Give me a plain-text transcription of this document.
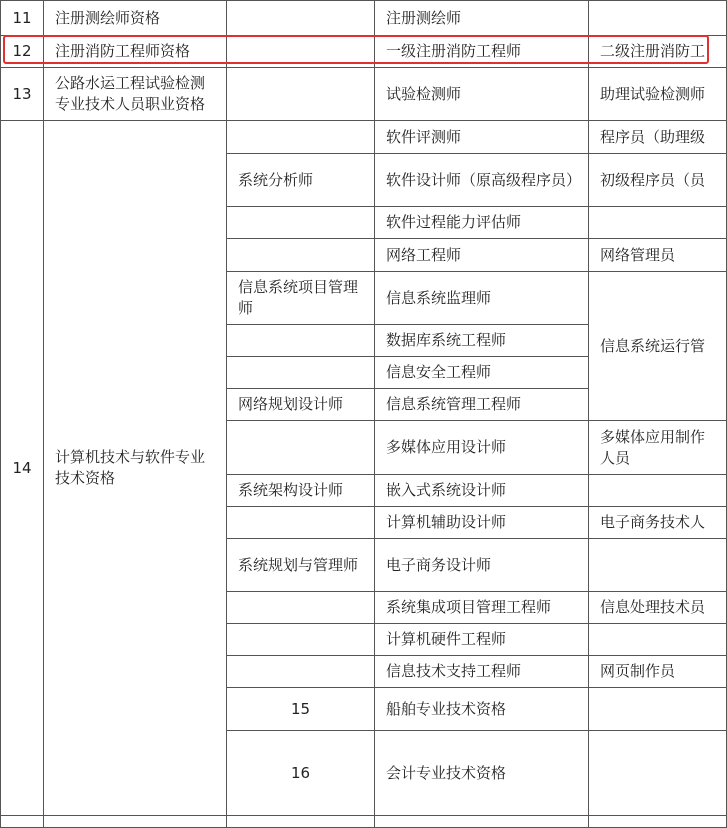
11	注册测绘师资格		注册测绘师		
12	注册消防工程师资格		一级注册消防工程师	二级注册消防工	
13	公路水运工程试验检测专业技术人员职业资格		试验检测师	助理试验检测师	
14	计算机技术与软件专业技术资格		软件评测师	程序员（助理级	
		系统分析师	软件设计师（原高级程序员）	初级程序员（员	
			软件过程能力评估师		
			网络工程师	网络管理员	
		信息系统项目管理师	信息系统监理师	信息系统运行管	
			数据库系统工程师		
			信息安全工程师		
		网络规划设计师	信息系统管理工程师		
			多媒体应用设计师	多媒体应用制作人员	
		系统架构设计师	嵌入式系统设计师		
			计算机辅助设计师	电子商务技术人	
		系统规划与管理师	电子商务设计师		
			系统集成项目管理工程师	信息处理技术员	
			计算机硬件工程师		
			信息技术支持工程师	网页制作员	
		15	船舶专业技术资格			
		16	会计专业技术资格			
